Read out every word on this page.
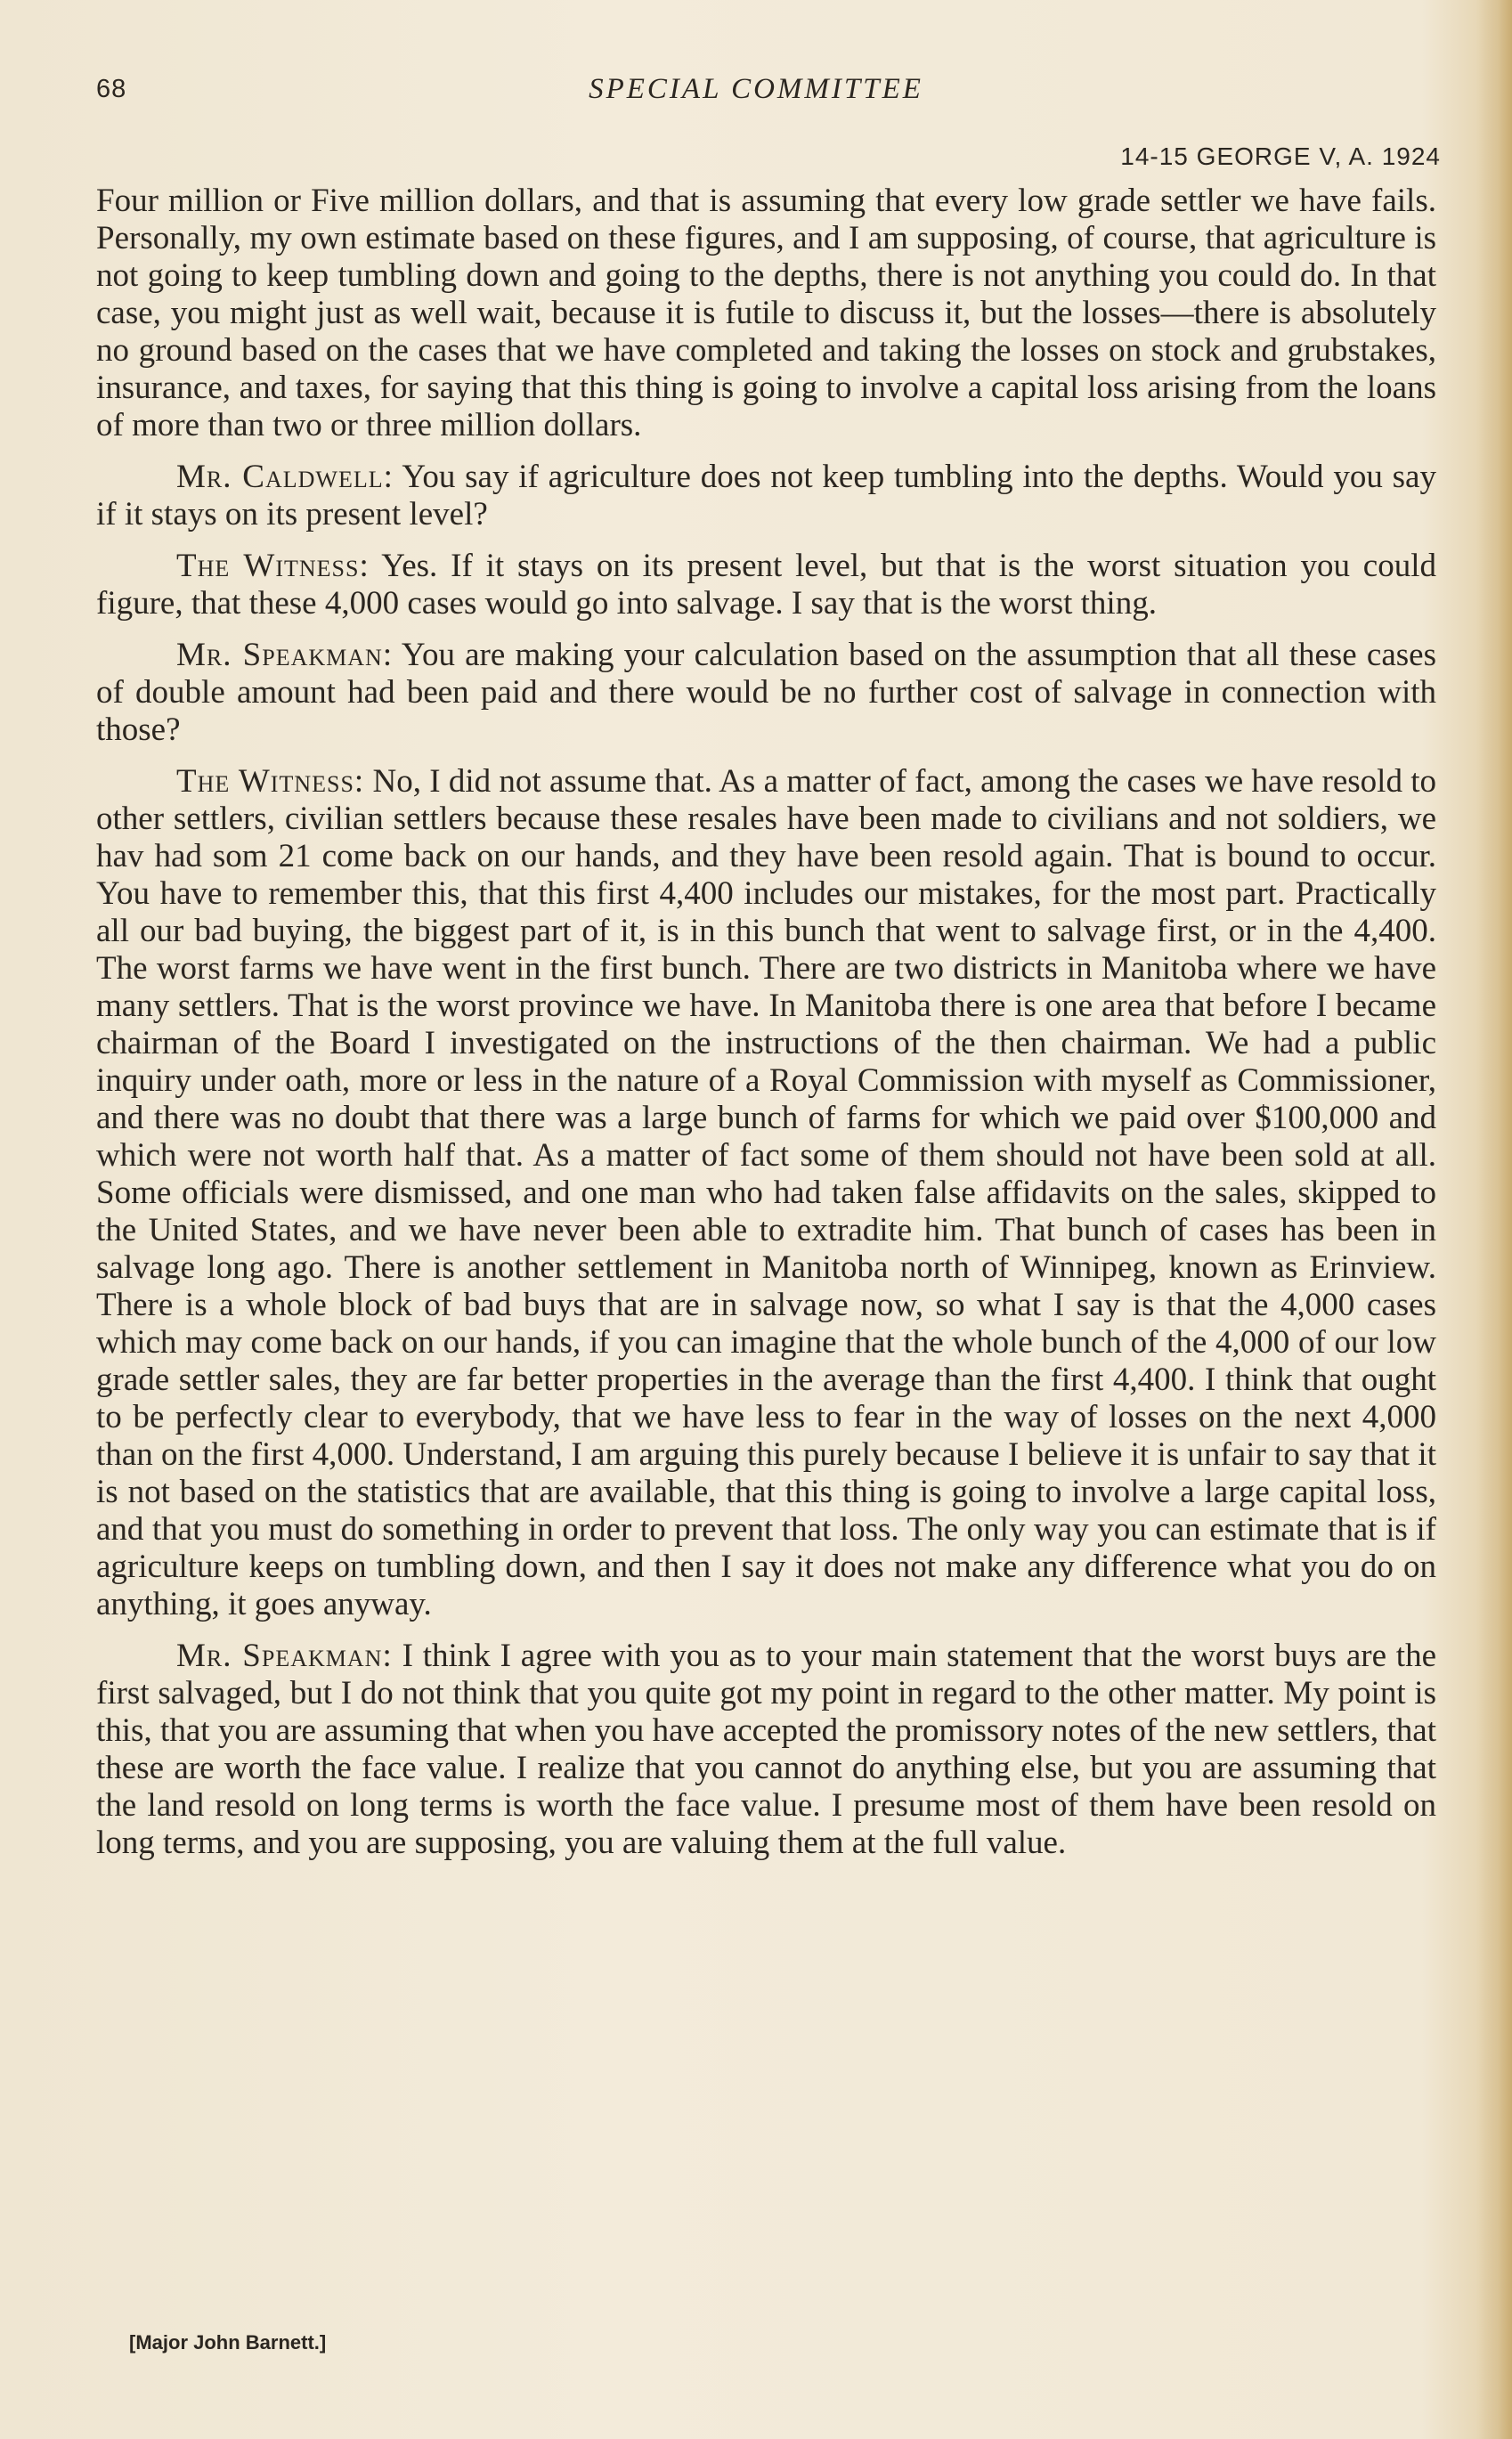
68	SPECIAL COMMITTEE
14-15 GEORGE V, A. 1924

Four million or Five million dollars, and that is assuming that every low grade settler we have fails. Personally, my own estimate based on these figures, and I am supposing, of course, that agriculture is not going to keep tumbling down and going to the depths, there is not anything you could do. In that case, you might just as well wait, because it is futile to discuss it, but the losses—there is absolutely no ground based on the cases that we have completed and taking the losses on stock and grubstakes, insurance, and taxes, for saying that this thing is going to involve a capital loss arising from the loans of more than two or three million dollars.

Mr. Caldwell: You say if agriculture does not keep tumbling into the depths. Would you say if it stays on its present level?

The Witness: Yes. If it stays on its present level, but that is the worst situation you could figure, that these 4,000 cases would go into salvage. I say that is the worst thing.

Mr. Speakman: You are making your calculation based on the assumption that all these cases of double amount had been paid and there would be no further cost of salvage in connection with those?

The Witness: No, I did not assume that. As a matter of fact, among the cases we have resold to other settlers, civilian settlers because these resales have been made to civilians and not soldiers, we hav had som 21 come back on our hands, and they have been resold again. That is bound to occur. You have to remember this, that this first 4,400 includes our mistakes, for the most part. Practically all our bad buying, the biggest part of it, is in this bunch that went to salvage first, or in the 4,400. The worst farms we have went in the first bunch. There are two districts in Manitoba where we have many settlers. That is the worst province we have. In Manitoba there is one area that before I became chairman of the Board I investigated on the instructions of the then chairman. We had a public inquiry under oath, more or less in the nature of a Royal Commission with myself as Commissioner, and there was no doubt that there was a large bunch of farms for which we paid over $100,000 and which were not worth half that. As a matter of fact some of them should not have been sold at all. Some officials were dismissed, and one man who had taken false affidavits on the sales, skipped to the United States, and we have never been able to extradite him. That bunch of cases has been in salvage long ago. There is another settlement in Manitoba north of Winnipeg, known as Erinview. There is a whole block of bad buys that are in salvage now, so what I say is that the 4,000 cases which may come back on our hands, if you can imagine that the whole bunch of the 4,000 of our low grade settler sales, they are far better properties in the average than the first 4,400. I think that ought to be perfectly clear to everybody, that we have less to fear in the way of losses on the next 4,000 than on the first 4,000. Understand, I am arguing this purely because I believe it is unfair to say that it is not based on the statistics that are available, that this thing is going to involve a large capital loss, and that you must do something in order to prevent that loss. The only way you can estimate that is if agriculture keeps on tumbling down, and then I say it does not make any difference what you do on anything, it goes anyway.

Mr. Speakman: I think I agree with you as to your main statement that the worst buys are the first salvaged, but I do not think that you quite got my point in regard to the other matter. My point is this, that you are assuming that when you have accepted the promissory notes of the new settlers, that these are worth the face value. I realize that you cannot do anything else, but you are assuming that the land resold on long terms is worth the face value. I presume most of them have been resold on long terms, and you are supposing, you are valuing them at the full value.

[Major John Barnett.]
